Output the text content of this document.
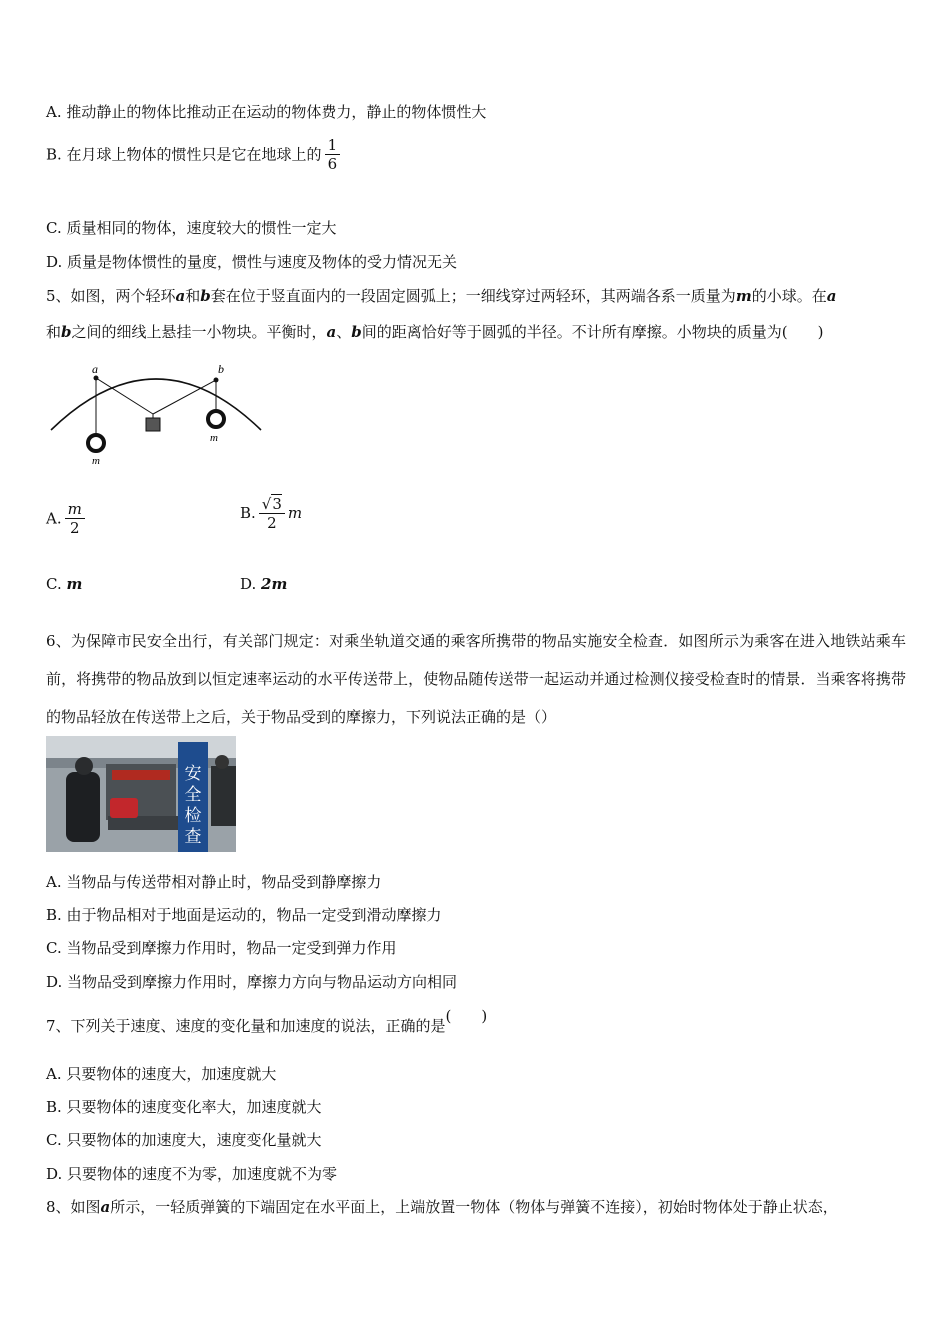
A. 推动静止的物体比推动正在运动的物体费力，静止的物体惯性大
B. 在月球上物体的惯性只是它在地球上的 $\frac{1}{6}$
C. 质量相同的物体，速度较大的惯性一定大
D. 质量是物体惯性的量度，惯性与速度及物体的受力情况无关
5、如图，两个轻环a和b套在位于竖直面内的一段固定圆弧上；一细线穿过两轻环，其两端各系一质量为m的小球。在a
和b之间的细线上悬挂一小物块。平衡时，a、b间的距离恰好等于圆弧的半径。不计所有摩擦。小物块的质量为(　　)
a	b
m
m
A. $\frac{m}{2}$	B. $\frac{√3}{2}$ m
C. m	D. 2m
6、为保障市民安全出行，有关部门规定：对乘坐轨道交通的乘客所携带的物品实施安全检查．如图所示为乘客在进入地铁站乘车前，将携带的物品放到以恒定速率运动的水平传送带上，使物品随传送带一起运动并通过检测仪接受检查时的情景．当乘客将携带的物品轻放在传送带上之后，关于物品受到的摩擦力，下列说法正确的是（）
安全检查
A. 当物品与传送带相对静止时，物品受到静摩擦力
B. 由于物品相对于地面是运动的，物品一定受到滑动摩擦力
C. 当物品受到摩擦力作用时，物品一定受到弹力作用
D. 当物品受到摩擦力作用时，摩擦力方向与物品运动方向相同
7、下列关于速度、速度的变化量和加速度的说法，正确的是(　　)
A. 只要物体的速度大，加速度就大
B. 只要物体的速度变化率大，加速度就大
C. 只要物体的加速度大，速度变化量就大
D. 只要物体的速度不为零，加速度就不为零
8、如图a所示，一轻质弹簧的下端固定在水平面上，上端放置一物体（物体与弹簧不连接），初始时物体处于静止状态，
